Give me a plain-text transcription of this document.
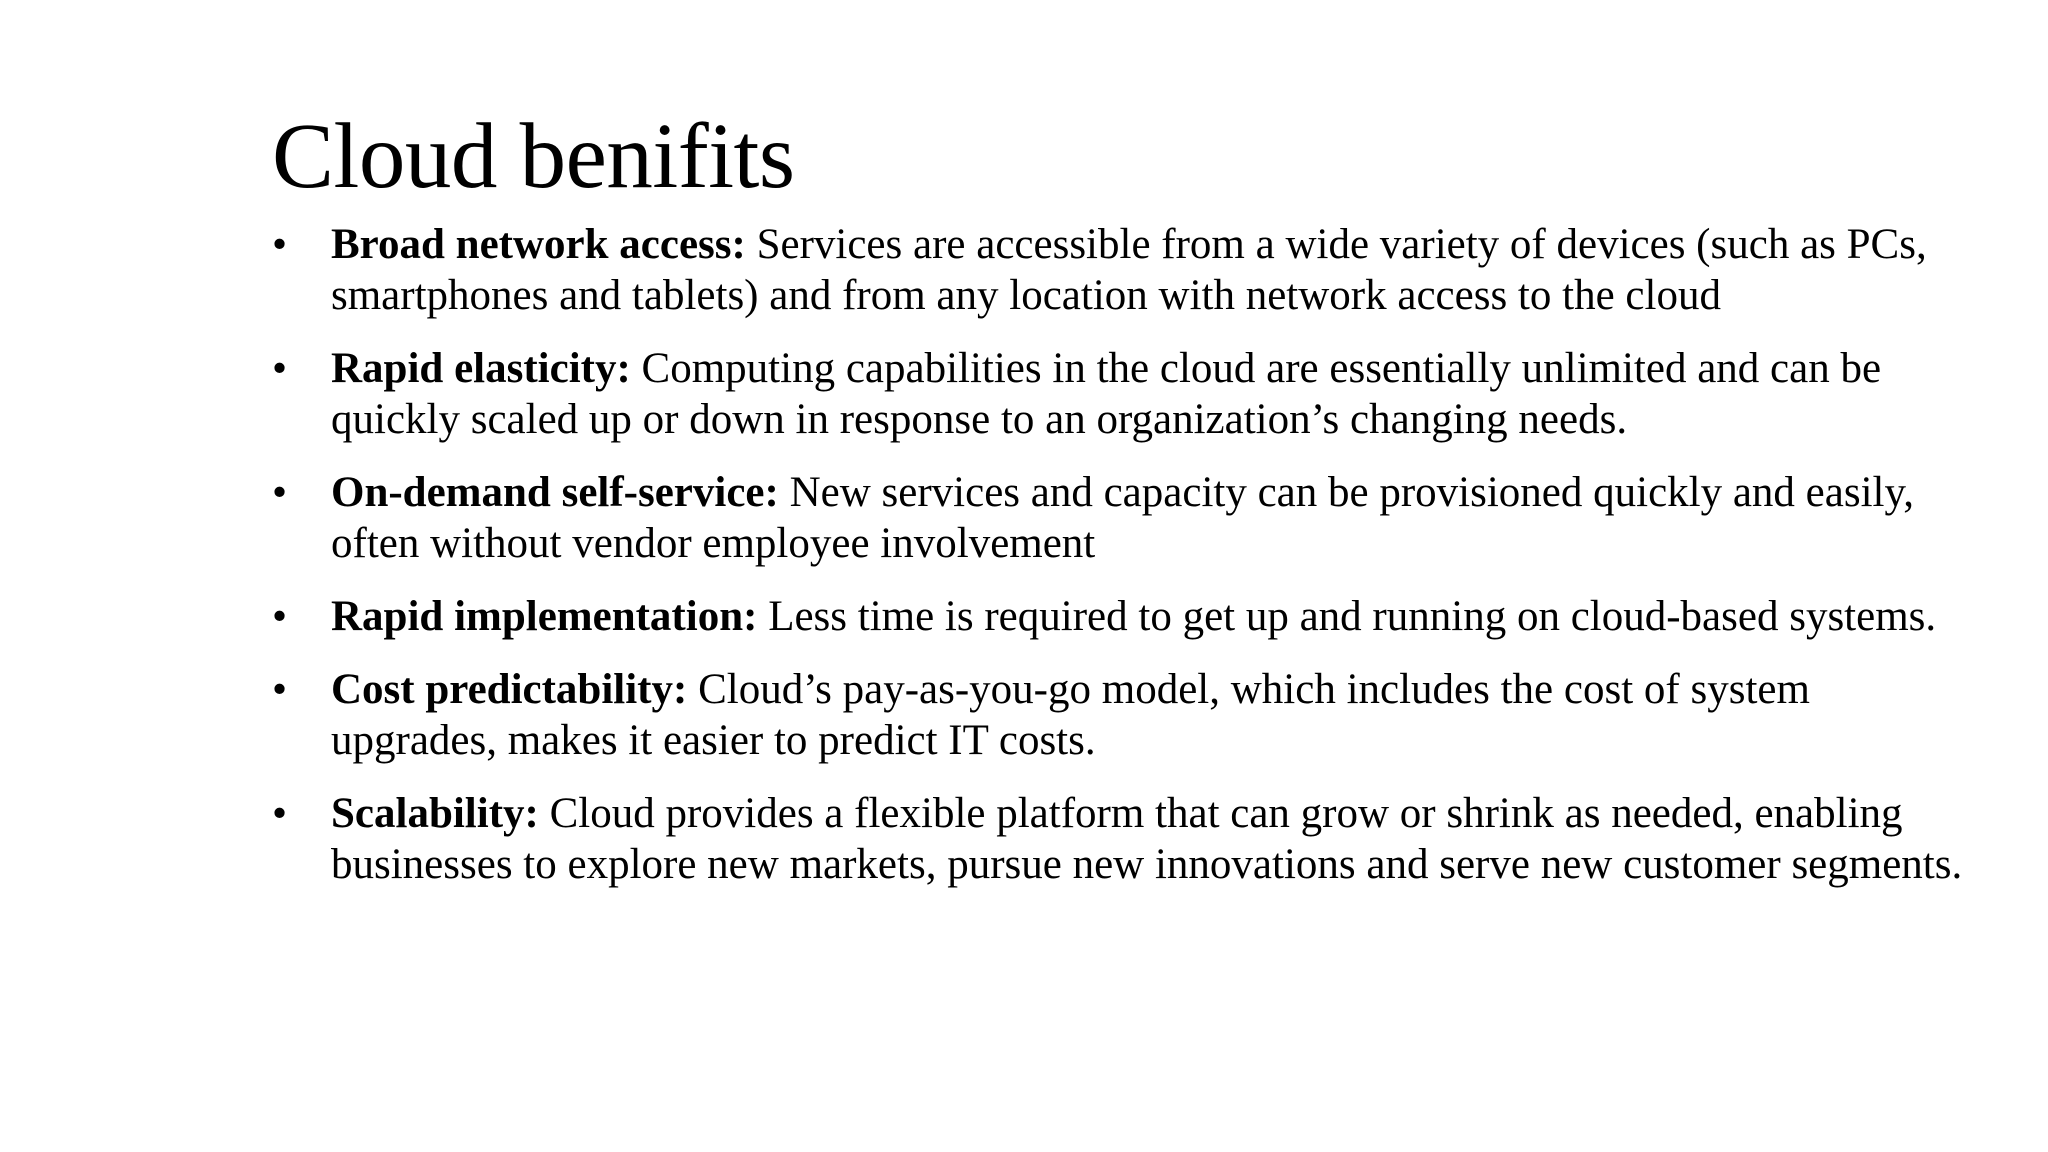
Cloud benifits
• Broad network access: Services are accessible from a wide variety of devices (such as PCs, smartphones and tablets) and from any location with network access to the cloud
• Rapid elasticity: Computing capabilities in the cloud are essentially unlimited and can be quickly scaled up or down in response to an organization’s changing needs.
• On-demand self-service: New services and capacity can be provisioned quickly and easily, often without vendor employee involvement
• Rapid implementation: Less time is required to get up and running on cloud-based systems.
• Cost predictability: Cloud’s pay-as-you-go model, which includes the cost of system upgrades, makes it easier to predict IT costs.
• Scalability: Cloud provides a flexible platform that can grow or shrink as needed, enabling businesses to explore new markets, pursue new innovations and serve new customer segments.
